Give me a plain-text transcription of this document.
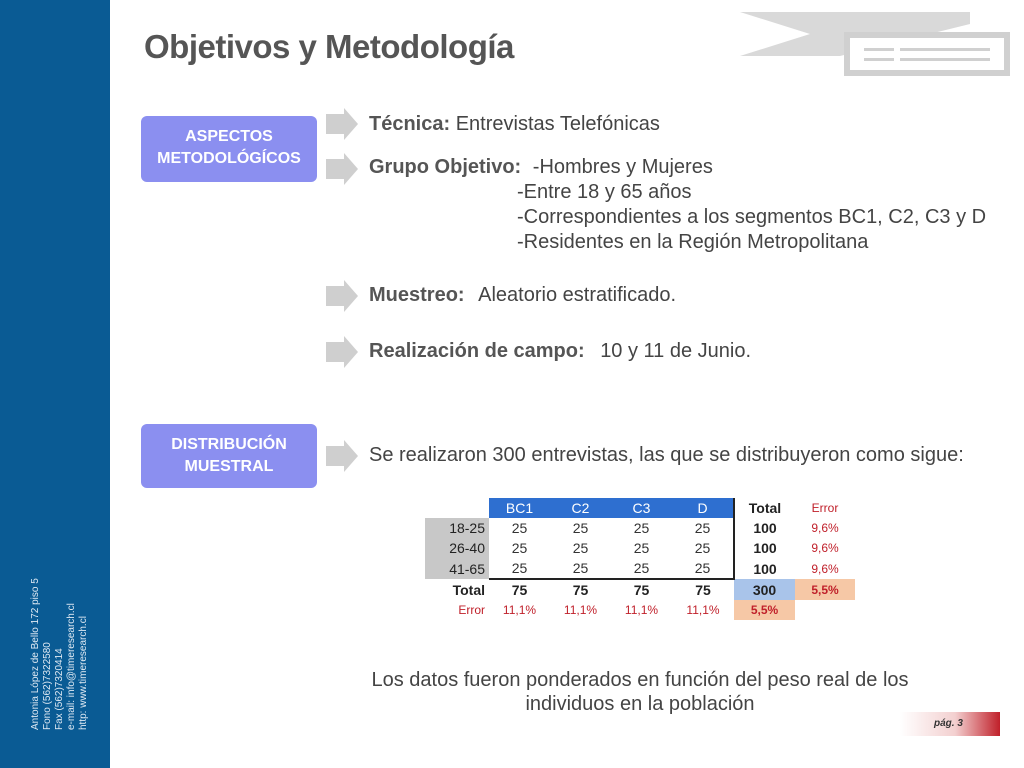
Antonia López de Bello 172 piso 5 Fono (562)7322580 Fax (562)7320414 e-mail: info@timeresearch.cl http: www.timeresearch.cl
Objetivos y Metodología
ASPECTOS
METODOLÓGÍCOS
Técnica: Entrevistas Telefónicas
Grupo Objetivo: -Hombres y Mujeres
-Entre 18 y 65 años
-Correspondientes a los segmentos BC1, C2, C3 y D
-Residentes en la Región Metropolitana
Muestreo: Aleatorio estratificado.
Realización de campo: 10 y 11 de Junio.
DISTRIBUCIÓN
MUESTRAL
Se realizaron 300 entrevistas, las que se distribuyeron como sigue:
	BC1	C2	C3	D	Total	Error
18-25	25	25	25	25	100	9,6%
26-40	25	25	25	25	100	9,6%
41-65	25	25	25	25	100	9,6%
Total	75	75	75	75	300	5,5%
Error	11,1%	11,1%	11,1%	11,1%	5,5%	
Los datos fueron ponderados en función del peso real de los individuos en la población
pág. 3
